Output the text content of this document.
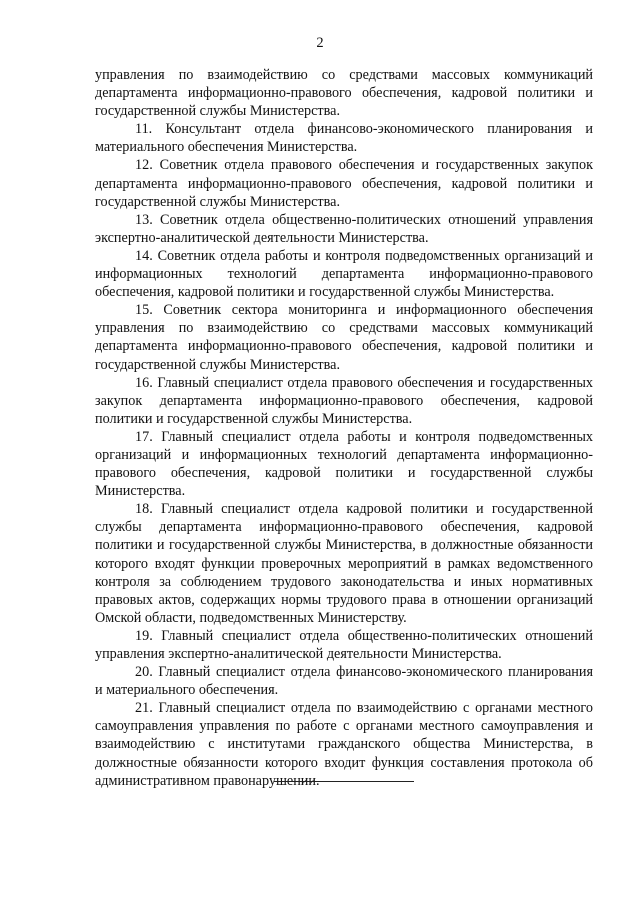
2

управления по взаимодействию со средствами массовых коммуникаций департамента информационно-правового обеспечения, кадровой политики и государственной службы Министерства.

11. Консультант отдела финансово-экономического планирования и материального обеспечения Министерства.

12. Советник отдела правового обеспечения и государственных закупок департамента информационно-правового обеспечения, кадровой политики и государственной службы Министерства.

13. Советник отдела общественно-политических отношений управления экспертно-аналитической деятельности Министерства.

14. Советник отдела работы и контроля подведомственных организаций и информационных технологий департамента информационно-правового обеспечения, кадровой политики и государственной службы Министерства.

15. Советник сектора мониторинга и информационного обеспечения управления по взаимодействию со средствами массовых коммуникаций департамента информационно-правового обеспечения, кадровой политики и государственной службы Министерства.

16. Главный специалист отдела правового обеспечения и государственных закупок департамента информационно-правового обеспечения, кадровой политики и государственной службы Министерства.

17. Главный специалист отдела работы и контроля подведомственных организаций и информационных технологий департамента информационно-правового обеспечения, кадровой политики и государственной службы Министерства.

18. Главный специалист отдела кадровой политики и государственной службы департамента информационно-правового обеспечения, кадровой политики и государственной службы Министерства, в должностные обязанности которого входят функции проверочных мероприятий в рамках ведомственного контроля за соблюдением трудового законодательства и иных нормативных правовых актов, содержащих нормы трудового права в отношении организаций Омской области, подведомственных Министерству.

19. Главный специалист отдела общественно-политических отношений управления экспертно-аналитической деятельности Министерства.

20. Главный специалист отдела финансово-экономического планирования и материального обеспечения.

21. Главный специалист отдела по взаимодействию с органами местного самоуправления управления по работе с органами местного самоуправления и взаимодействию с институтами гражданского общества Министерства, в должностные обязанности которого входит функция составления протокола об административном правонарушении.
